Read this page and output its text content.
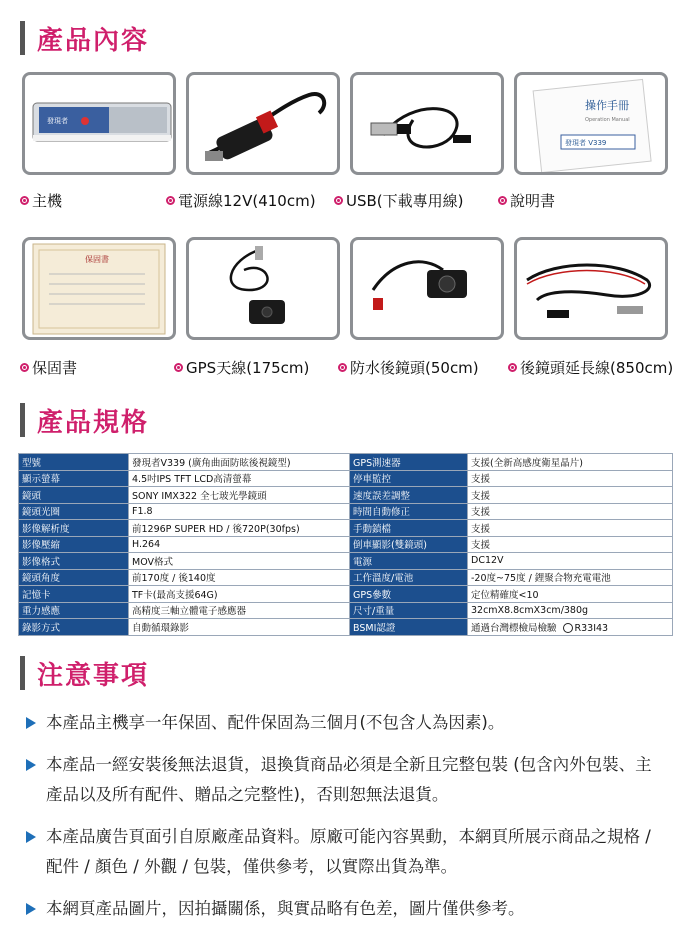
產品內容
發現者
操作手冊
Operation Manual
發現者 V339
主機	電源線12V(410cm) USB(下載專用線)	說明書
保固書
保固書	GPS天線(175cm)	防水後鏡頭(50cm)	後鏡頭延長線(850cm)
產品規格
型號	發現者V339 (廣角曲面防眩後視鏡型)	GPS測速器	支援(全新高感度衛星晶片)
顯示螢幕	4.5吋IPS TFT LCD高清螢幕	停車監控	支援
鏡頭	SONY IMX322 全七玻光學鏡頭	速度誤差調整	支援
鏡頭光圈	F1.8	時間自動修正	支援
影像解析度	前1296P SUPER HD / 後720P(30fps)	手動鎖檔	支援
影像壓縮	H.264	倒車顯影(雙鏡頭)	支援
影像格式	MOV格式	電源	DC12V
鏡頭角度	前170度 / 後140度	工作溫度/電池	-20度~75度 / 鋰聚合物充電電池
記憶卡	TF卡(最高支援64G)	GPS參數	定位精確度<10
重力感應	高精度三軸立體電子感應器	尺寸/重量	32cmX8.8cmX3cm/380g
錄影方式	自動循環錄影	BSMI認證	通過台灣標檢局檢驗 R33I43
注意事項
本產品主機享一年保固、配件保固為三個月(不包含人為因素)。
本產品一經安裝後無法退貨，退換貨商品必須是全新且完整包裝 (包含內外包裝、主產品以及所有配件、贈品之完整性)，否則恕無法退貨。
本產品廣告頁面引自原廠產品資料。原廠可能內容異動，本網頁所展示商品之規格 / 配件 / 顏色 / 外觀 / 包裝，僅供參考，以實際出貨為準。
本網頁產品圖片，因拍攝關係，與實品略有色差，圖片僅供參考。
